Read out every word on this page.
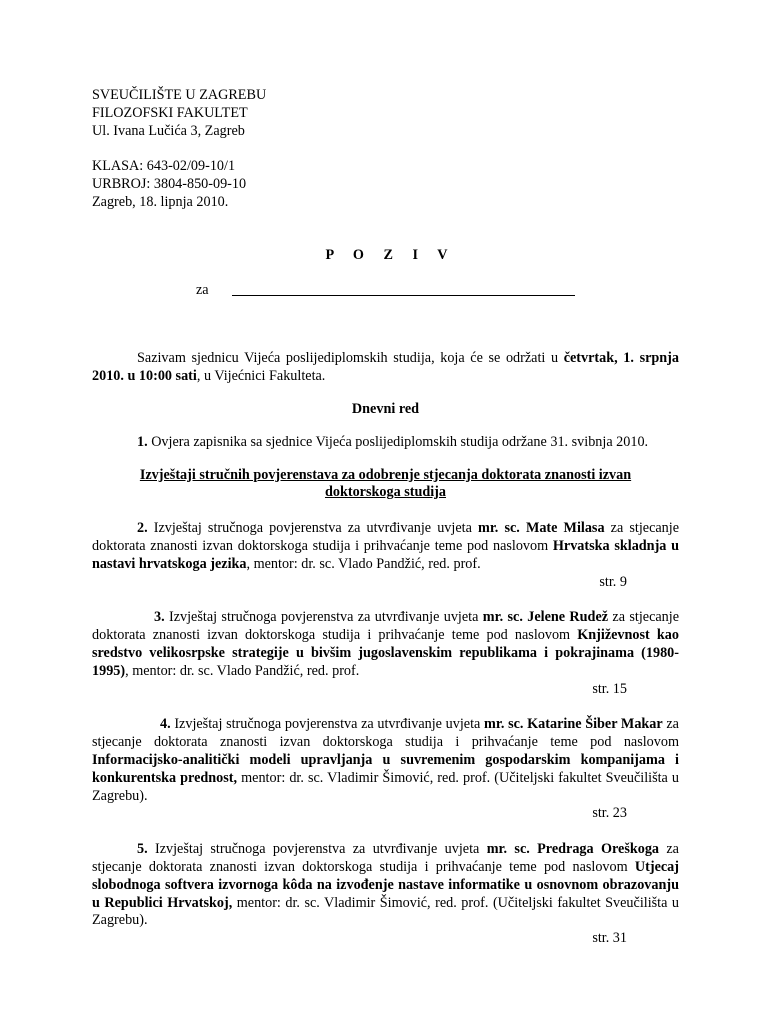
SVEUČILIŠTE U ZAGREBU
FILOZOFSKI FAKULTET
Ul. Ivana Lučića 3, Zagreb
KLASA: 643-02/09-10/1
URBROJ: 3804-850-09-10
Zagreb, 18. lipnja 2010.
P O Z I V
za
Sazivam sjednicu Vijeća poslijediplomskih studija, koja će se održati u četvrtak, 1. srpnja 2010. u 10:00 sati, u Vijećnici Fakulteta.
Dnevni red
1. Ovjera zapisnika sa sjednice Vijeća poslijediplomskih studija održane 31. svibnja 2010.
Izvještaji stručnih povjerenstava za odobrenje stjecanja doktorata znanosti izvan
doktorskoga studija
2. Izvještaj stručnoga povjerenstva za utvrđivanje uvjeta mr. sc. Mate Milasa za stjecanje doktorata znanosti izvan doktorskoga studija i prihvaćanje teme pod naslovom Hrvatska skladnja u nastavi hrvatskoga jezika, mentor: dr. sc. Vlado Pandžić, red. prof.
str. 9
3. Izvještaj stručnoga povjerenstva za utvrđivanje uvjeta mr. sc. Jelene Rudež za stjecanje doktorata znanosti izvan doktorskoga studija i prihvaćanje teme pod naslovom Književnost kao sredstvo velikosrpske strategije u bivšim jugoslavenskim republikama i pokrajinama (1980-1995), mentor: dr. sc. Vlado Pandžić, red. prof.
str. 15
4. Izvještaj stručnoga povjerenstva za utvrđivanje uvjeta mr. sc. Katarine Šiber Makar za stjecanje doktorata znanosti izvan doktorskoga studija i prihvaćanje teme pod naslovom Informacijsko-analitički modeli upravljanja u suvremenim gospodarskim kompanijama i konkurentska prednost, mentor: dr. sc. Vladimir Šimović, red. prof. (Učiteljski fakultet Sveučilišta u Zagrebu).
str. 23
5. Izvještaj stručnoga povjerenstva za utvrđivanje uvjeta mr. sc. Predraga Oreškoga za stjecanje doktorata znanosti izvan doktorskoga studija i prihvaćanje teme pod naslovom Utjecaj slobodnoga softvera izvornoga kôda na izvođenje nastave informatike u osnovnom obrazovanju u Republici Hrvatskoj, mentor: dr. sc. Vladimir Šimović, red. prof. (Učiteljski fakultet Sveučilišta u Zagrebu).
str. 31
